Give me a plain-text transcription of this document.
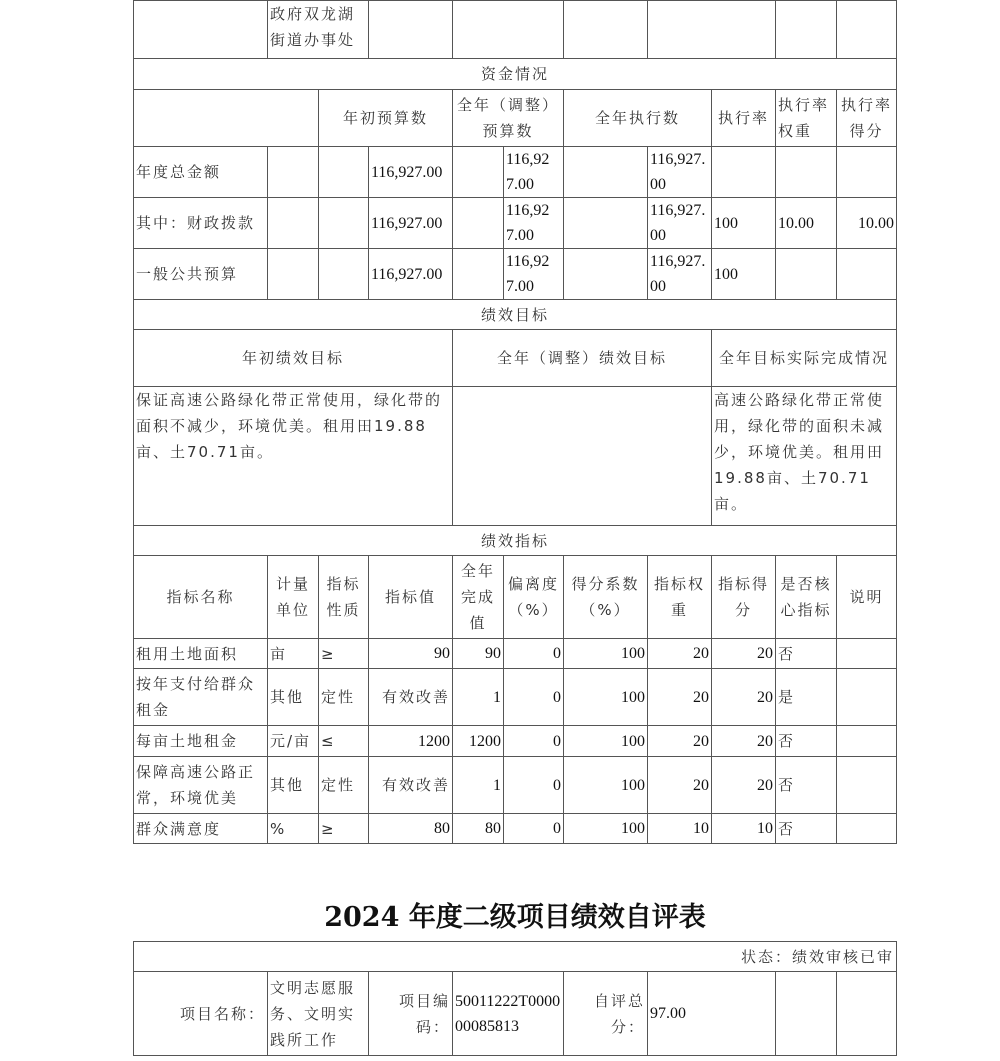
	政府双龙湖街道办事处									
资金情况										
		年初预算数		全年（调整）预算数		全年执行数		执行率	执行率权重	执行率得分
年度总金额			116,927.00		116,927.00		116,927.00			
其中：财政拨款			116,927.00		116,927.00		116,927.00	100	10.00	10.00
一般公共预算			116,927.00		116,927.00		116,927.00	100		
绩效目标										
年初绩效目标				全年（调整）绩效目标				全年目标实际完成情况		
保证高速公路绿化带正常使用，绿化带的面积不减少，环境优美。租用田19.88亩、土70.71亩。								高速公路绿化带正常使用，绿化带的面积未减少，环境优美。租用田19.88亩、土70.71亩。		
绩效指标										
指标名称	计量单位	指标性质	指标值	全年完成值	偏离度（%）	得分系数（%）	指标权重	指标得分	是否核心指标	说明
租用土地面积	亩	≥	90	90	0	100	20	20	否	
按年支付给群众租金	其他	定性	有效改善	1	0	100	20	20	是	
每亩土地租金	元/亩	≤	1200	1200	0	100	20	20	否	
保障高速公路正常，环境优美	其他	定性	有效改善	1	0	100	20	20	否	
群众满意度	%	≥	80	80	0	100	10	10	否	
2024 年度二级项目绩效自评表
状态：绩效审核已审
项目名称：	文明志愿服务、文明实践所工作	项目编码：	50011222T000000085813	自评总分：	97.00		
